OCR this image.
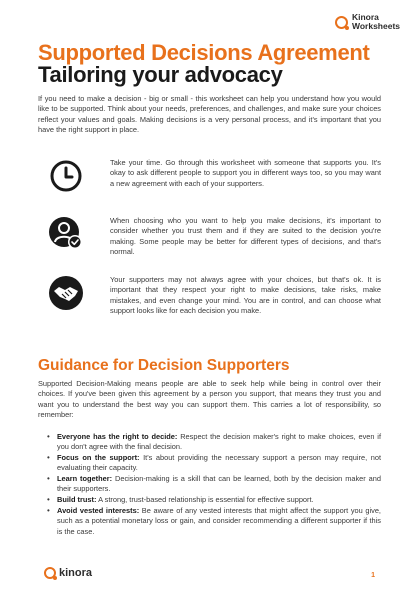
Kinora
Worksheets
Supported Decisions Agreement
Tailoring your advocacy

If you need to make a decision - big or small - this worksheet can help you understand how you would like to be supported. Think about your needs, preferences, and challenges, and make sure your choices reflect your values and goals. Making decisions is a very personal process, and it's important that you have the right support in place.

Take your time. Go through this worksheet with someone that supports you. It's okay to ask different people to support you in different ways too, so you may want a new agreement with each of your supporters.

When choosing who you want to help you make decisions, it's important to consider whether you trust them and if they are suited to the decision you're making. Some people may be better for different types of decisions, and that's normal.

Your supporters may not always agree with your choices, but that's ok. It is important that they respect your right to make decisions, take risks, make mistakes, and even change your mind. You are in control, and can choose what support looks like for each decision you make.

Guidance for Decision Supporters

Supported Decision-Making means people are able to seek help while being in control over their choices. If you've been given this agreement by a person you support, that means they trust you and want you to understand the best way you can support them. This carries a lot of responsibility, so remember:

• Everyone has the right to decide: Respect the decision maker's right to make choices, even if you don't agree with the final decision.
• Focus on the support: It's about providing the necessary support a person may require, not evaluating their capacity.
• Learn together: Decision-making is a skill that can be learned, both by the decision maker and their supporters.
• Build trust: A strong, trust-based relationship is essential for effective support.
• Avoid vested interests: Be aware of any vested interests that might affect the support you give, such as a potential monetary loss or gain, and consider recommending a different supporter if this is the case.
kinora	1
